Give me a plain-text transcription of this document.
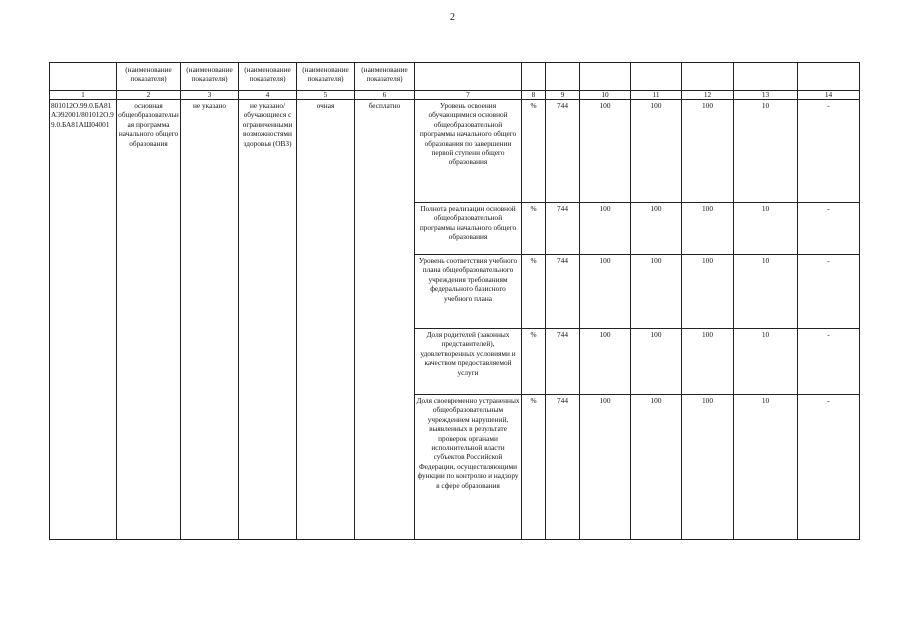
2
	(наименование показателя)	(наименование показателя)	(наименование показателя)	(наименование показателя)	(наименование показателя)								
1	2	3	4	5	6	7	8	9	10	11	12	13	14
801012О.99.0.БА81АЭ92001/801012О.99.0.БА81АШ04001	основная общеобразовательная программа начального общего образования	не указано	не указано/обучающиеся с ограниченными возможностями здоровья (ОВЗ)	очная	бесплатно	Уровень освоения обучающимися основной общеобразовательной программы начального общего образования по завершении первой ступени общего образования	%	744	100	100	100	10	-
						Полнота реализации основной общеобразовательной программы начального общего образования	%	744	100	100	100	10	-
						Уровень соответствия учебного плана общеобразовательного учреждения требованиям федерального базисного учебного плана	%	744	100	100	100	10	-
						Доля родителей (законных представителей), удовлетворенных условиями и качеством предоставляемой услуги	%	744	100	100	100	10	-
						Доля своевременно устраненных общеобразовательным учреждением нарушений, выявленных в результате проверок органами исполнительной власти субъектов Российской Федерации, осуществляющими функции по контролю и надзору в сфере образования	%	744	100	100	100	10	-
